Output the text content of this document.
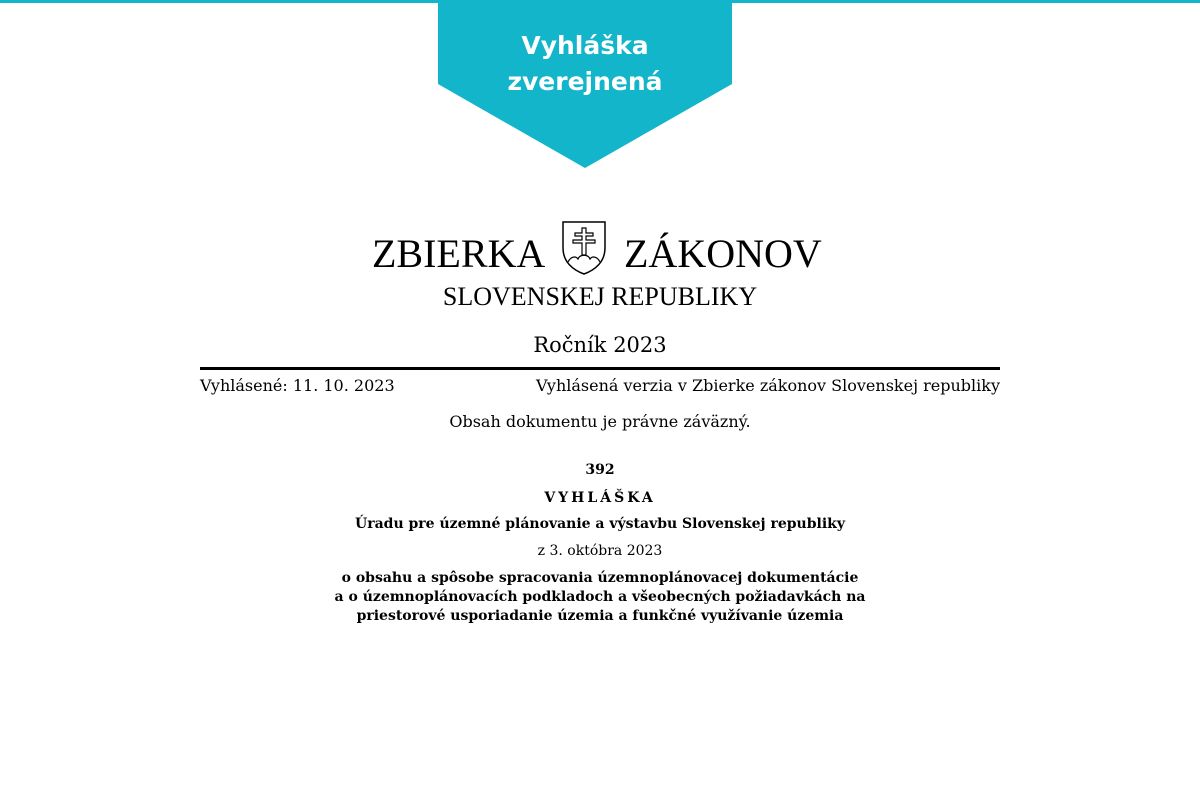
Vyhláška
zverejnená
ZBIERKA ZÁKONOV
SLOVENSKEJ REPUBLIKY
Ročník 2023
Vyhlásené: 11. 10. 2023	Vyhlásená verzia v Zbierke zákonov Slovenskej republiky
Obsah dokumentu je právne záväzný.
392
VYHLÁŠKA
Úradu pre územné plánovanie a výstavbu Slovenskej republiky
z 3. októbra 2023
o obsahu a spôsobe spracovania územnoplánovacej dokumentácie
a o územnoplánovacích podkladoch a všeobecných požiadavkách na
priestorové usporiadanie územia a funkčné využívanie územia
